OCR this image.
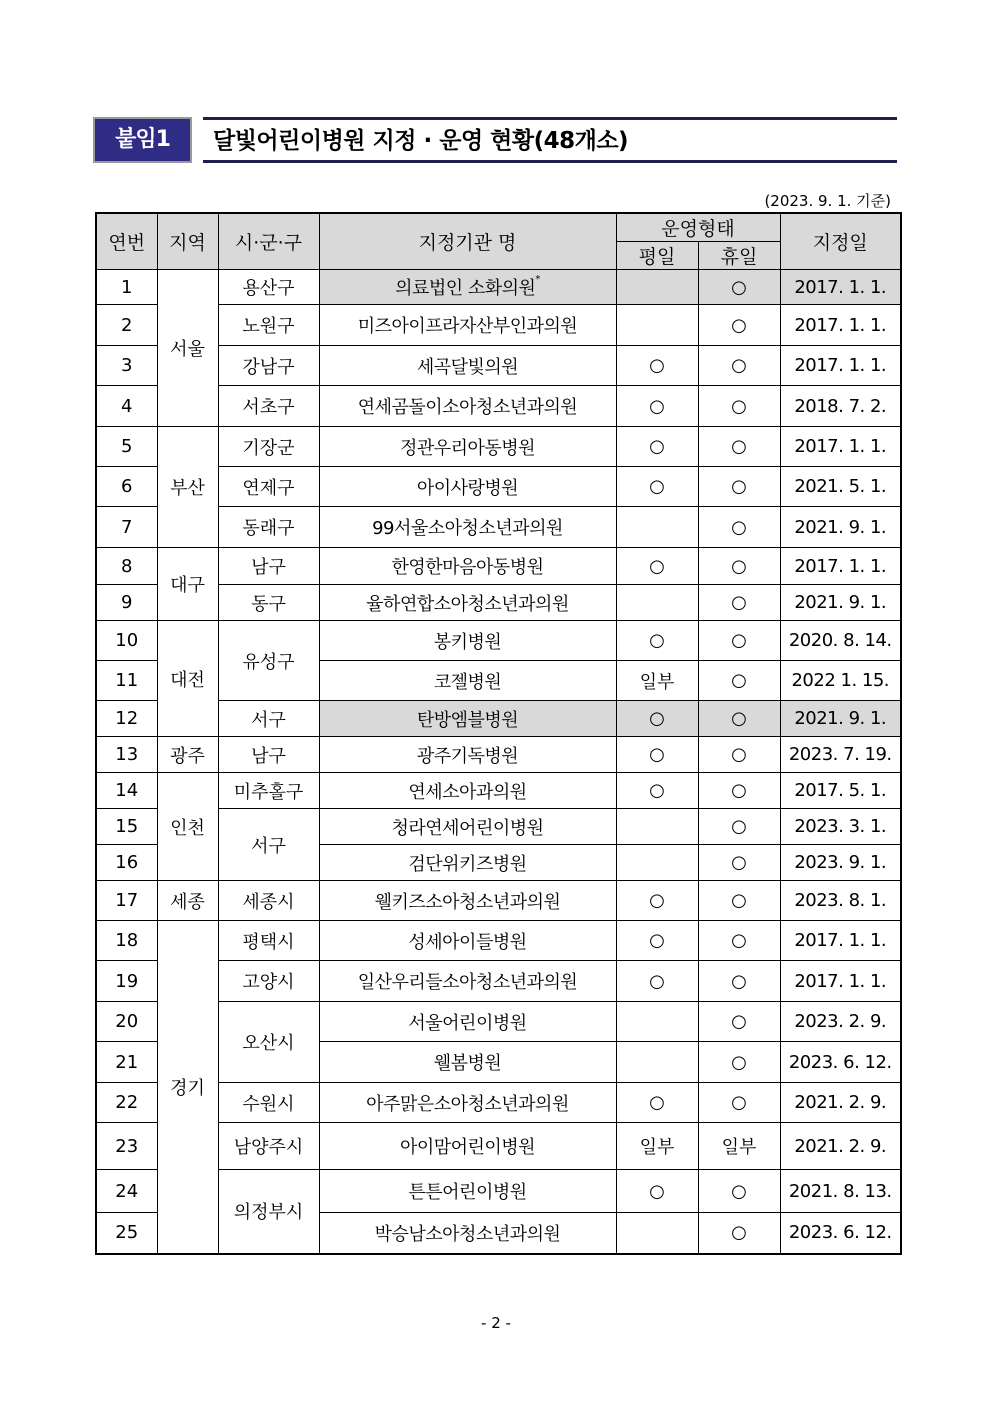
붙임1	달빛어린이병원 지정 · 운영 현황(48개소)
(2023. 9. 1. 기준)
연번	지역	시·군·구	지정기관 명	운영형태		지정일
				평일	휴일	
1	서울	용산구	의료법인 소화의원*		○	2017. 1. 1.
2		노원구	미즈아이프라자산부인과의원		○	2017. 1. 1.
3		강남구	세곡달빛의원	○	○	2017. 1. 1.
4		서초구	연세곰돌이소아청소년과의원	○	○	2018. 7. 2.
5	부산	기장군	정관우리아동병원	○	○	2017. 1. 1.
6		연제구	아이사랑병원	○	○	2021. 5. 1.
7		동래구	99서울소아청소년과의원		○	2021. 9. 1.
8	대구	남구	한영한마음아동병원	○	○	2017. 1. 1.
9		동구	율하연합소아청소년과의원		○	2021. 9. 1.
10	대전	유성구	봉키병원	○	○	2020. 8. 14.
11			코젤병원	일부	○	2022 1. 15.
12		서구	탄방엠블병원	○	○	2021. 9. 1.
13	광주	남구	광주기독병원	○	○	2023. 7. 19.
14	인천	미추홀구	연세소아과의원	○	○	2017. 5. 1.
15		서구	청라연세어린이병원		○	2023. 3. 1.
16			검단위키즈병원		○	2023. 9. 1.
17	세종	세종시	웰키즈소아청소년과의원	○	○	2023. 8. 1.
18	경기	평택시	성세아이들병원	○	○	2017. 1. 1.
19		고양시	일산우리들소아청소년과의원	○	○	2017. 1. 1.
20		오산시	서울어린이병원		○	2023. 2. 9.
21			웰봄병원		○	2023. 6. 12.
22		수원시	아주맑은소아청소년과의원	○	○	2021. 2. 9.
23		남양주시	아이맘어린이병원	일부	일부	2021. 2. 9.
24		의정부시	튼튼어린이병원	○	○	2021. 8. 13.
25			박승남소아청소년과의원		○	2023. 6. 12.
- 2 -
